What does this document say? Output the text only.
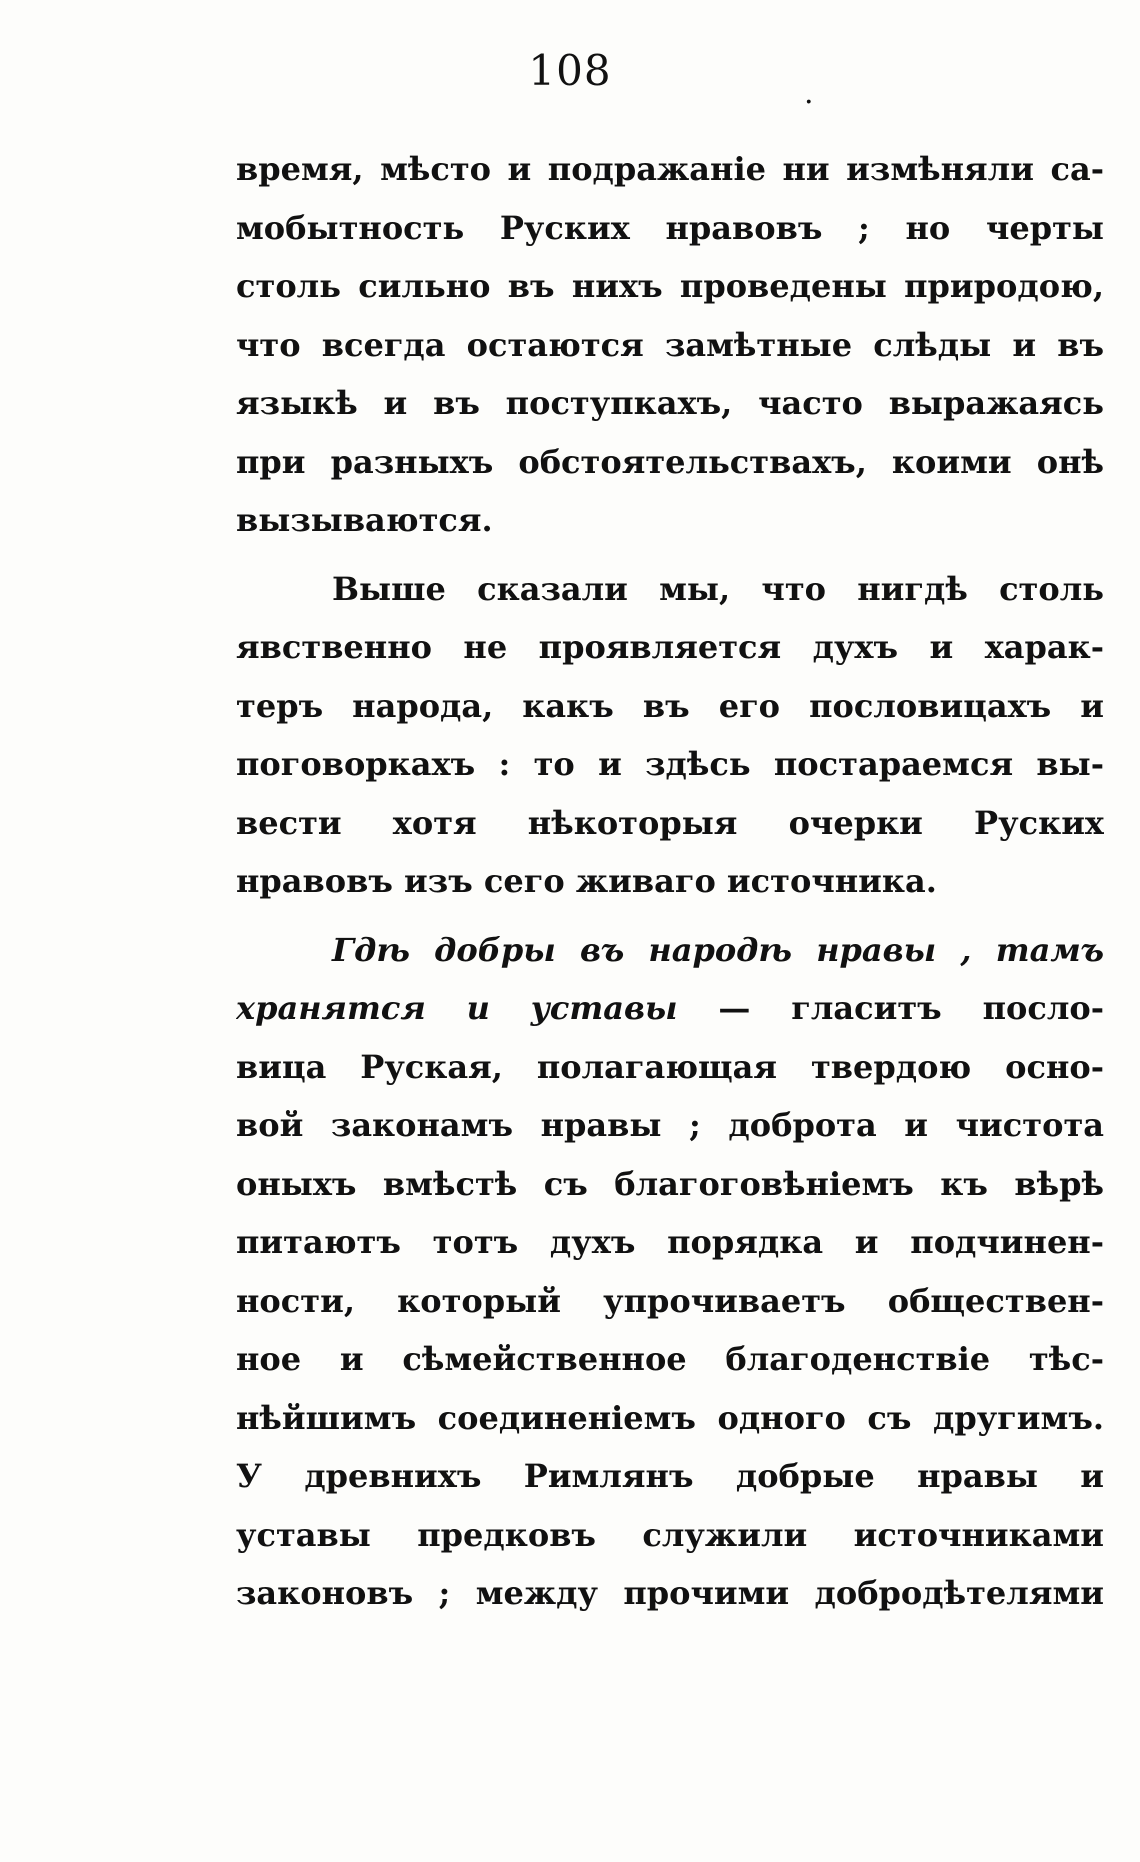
108	.
время, мѣсто и подражаніе ни измѣняли са-
мобытность Руских нравовъ ; но черты
столь сильно въ нихъ проведены природою,
что всегда остаются замѣтные слѣды и въ
языкѣ и въ поступкахъ, часто выражаясь
при разныхъ обстоятельствахъ, коими онѣ
вызываются.
Выше сказали мы, что нигдѣ столь
явственно не проявляется духъ и харак-
теръ народа, какъ въ его пословицахъ и
поговоркахъ : то и здѣсь постараемся вы-
вести хотя нѣкоторыя очерки Руских
нравовъ изъ сего живаго источника.
Гдѣ добры въ народѣ нравы , тамъ
хранятся и уставы — гласитъ посло-
вица Руская, полагающая твердою осно-
вой законамъ нравы ; доброта и чистота
оныхъ вмѣстѣ съ благоговѣніемъ къ вѣрѣ
питаютъ тотъ духъ порядка и подчинен-
ности, который упрочиваетъ обществен-
ное и сѣмейственное благоденствіе тѣс-
нѣйшимъ соединеніемъ одного съ другимъ.
У древнихъ Римлянъ добрые нравы и
уставы предковъ служили источниками
законовъ ; между прочими добродѣтелями
